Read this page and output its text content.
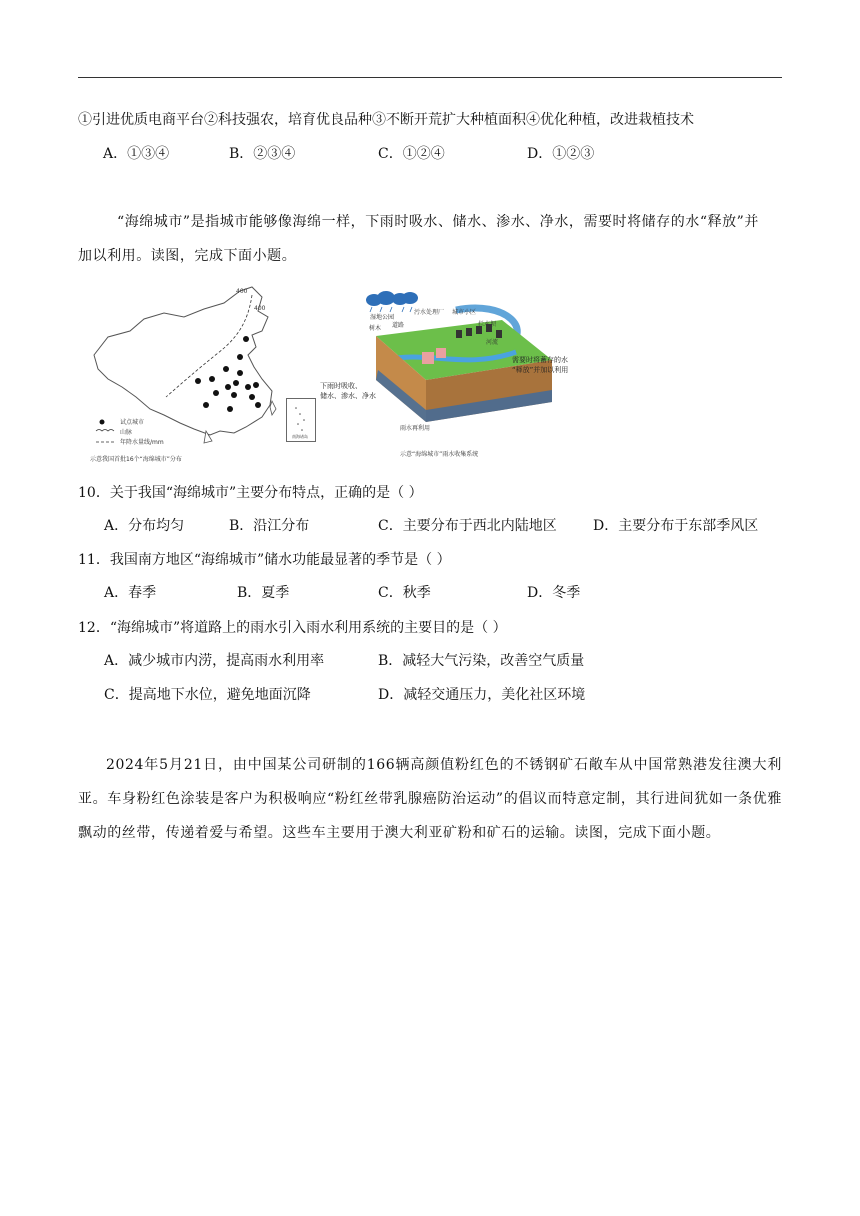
①引进优质电商平台②科技强农，培育优良品种③不断开荒扩大种植面积④优化种植，改进栽植技术
A．①③④	B．②③④	C．①②④	D．①②③
“海绵城市”是指城市能够像海绵一样，下雨时吸水、储水、渗水、净水，需要时将储存的水“释放”并
加以利用。读图，完成下面小题。
400
400
试点城市
山脉
年降水量线/mm
示意我国首批16个“海绵城市”分布
南海诸岛
湿地公园
树木 道路
污水处理厂 城市小区
拦水坝
河流
需要时将蓄存的水
“释放”并加以利用
下雨时吸收、
储水、渗水、净水
雨水再利用
示意“海绵城市”雨水收集系统
10．关于我国“海绵城市”主要分布特点，正确的是（ ）
A．分布均匀	B．沿江分布	C．主要分布于西北内陆地区	D．主要分布于东部季风区
11．我国南方地区“海绵城市”储水功能最显著的季节是（ ）
A．春季	B．夏季	C．秋季	D．冬季
12．“海绵城市”将道路上的雨水引入雨水利用系统的主要目的是（ ）
A．减少城市内涝，提高雨水利用率	B．减轻大气污染，改善空气质量
C．提高地下水位，避免地面沉降	D．减轻交通压力，美化社区环境
2024年5月21日，由中国某公司研制的166辆高颜值粉红色的不锈钢矿石敞车从中国常熟港发往澳大利亚。车身粉红色涂装是客户为积极响应“粉红丝带乳腺癌防治运动”的倡议而特意定制，其行进间犹如一条优雅飘动的丝带，传递着爱与希望。这些车主要用于澳大利亚矿粉和矿石的运输。读图，完成下面小题。
